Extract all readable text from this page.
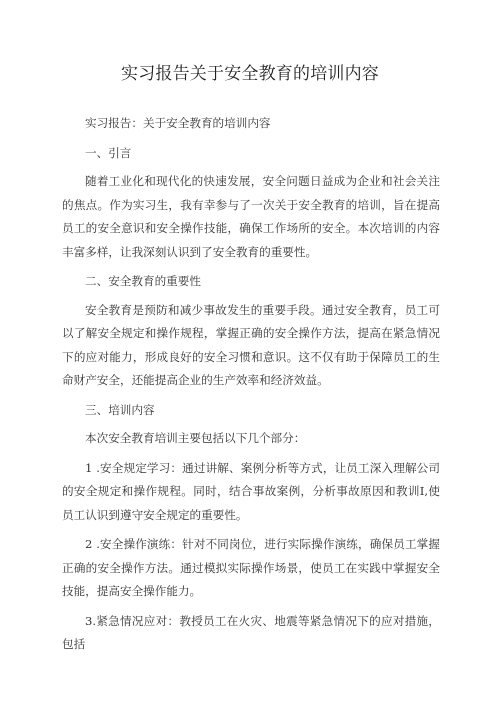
实习报告关于安全教育的培训内容

实习报告：关于安全教育的培训内容

一、引言

随着工业化和现代化的快速发展，安全问题日益成为企业和社会关注的焦点。作为实习生，我有幸参与了一次关于安全教育的培训，旨在提高员工的安全意识和安全操作技能，确保工作场所的安全。本次培训的内容丰富多样，让我深刻认识到了安全教育的重要性。

二、安全教育的重要性

安全教育是预防和减少事故发生的重要手段。通过安全教育，员工可以了解安全规定和操作规程，掌握正确的安全操作方法，提高在紧急情况下的应对能力，形成良好的安全习惯和意识。这不仅有助于保障员工的生命财产安全，还能提高企业的生产效率和经济效益。

三、培训内容

本次安全教育培训主要包括以下几个部分：

1 .安全规定学习：通过讲解、案例分析等方式，让员工深入理解公司的安全规定和操作规程。同时，结合事故案例，分析事故原因和教训I,使员工认识到遵守安全规定的重要性。

2 .安全操作演练：针对不同岗位，进行实际操作演练，确保员工掌握正确的安全操作方法。通过模拟实际操作场景，使员工在实践中掌握安全技能，提高安全操作能力。

3.紧急情况应对：教授员工在火灾、地震等紧急情况下的应对措施，包括
